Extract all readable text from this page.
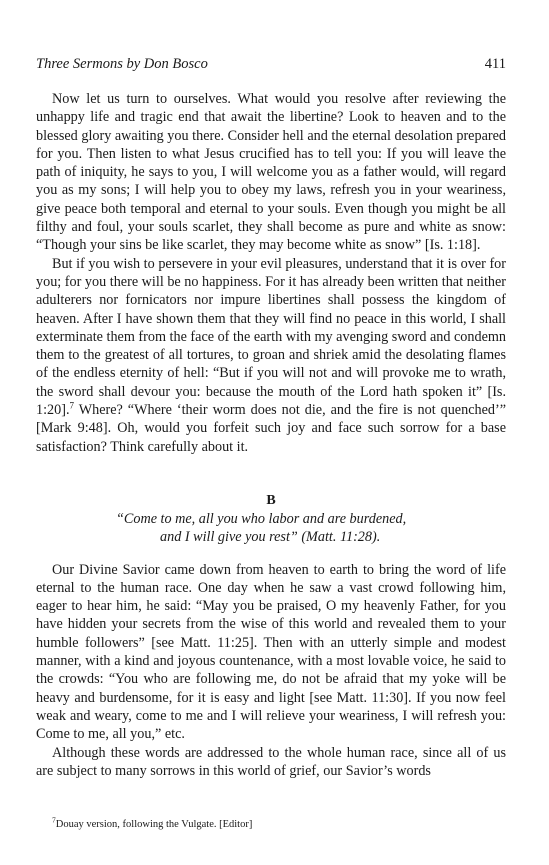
Three Sermons by Don Bosco	411

Now let us turn to ourselves. What would you resolve after reviewing the unhappy life and tragic end that await the libertine? Look to heaven and to the blessed glory awaiting you there. Consider hell and the eternal desolation prepared for you. Then listen to what Jesus crucified has to tell you: If you will leave the path of iniquity, he says to you, I will welcome you as a father would, will regard you as my sons; I will help you to obey my laws, refresh you in your weariness, give peace both temporal and eternal to your souls. Even though you might be all filthy and foul, your souls scarlet, they shall become as pure and white as snow: “Though your sins be like scarlet, they may become white as snow” [Is. 1:18].

But if you wish to persevere in your evil pleasures, understand that it is over for you; for you there will be no happiness. For it has already been written that neither adulterers nor fornicators nor impure libertines shall possess the kingdom of heaven. After I have shown them that they will find no peace in this world, I shall exterminate them from the face of the earth with my avenging sword and condemn them to the greatest of all tortures, to groan and shriek amid the desolating flames of the endless eternity of hell: “But if you will not and will provoke me to wrath, the sword shall devour you: because the mouth of the Lord hath spoken it” [Is. 1:20].$^7$ Where? “Where ‘their worm does not die, and the fire is not quenched’” [Mark 9:48]. Oh, would you forfeit such joy and face such sorrow for a base satisfaction? Think carefully about it.

B
“Come to me, all you who labor and are burdened,
and I will give you rest” (Matt. 11:28).

Our Divine Savior came down from heaven to earth to bring the word of life eternal to the human race. One day when he saw a vast crowd following him, eager to hear him, he said: “May you be praised, O my heavenly Father, for you have hidden your secrets from the wise of this world and revealed them to your humble followers” [see Matt. 11:25]. Then with an utterly simple and modest manner, with a kind and joyous countenance, with a most lovable voice, he said to the crowds: “You who are following me, do not be afraid that my yoke will be heavy and burdensome, for it is easy and light [see Matt. 11:30]. If you now feel weak and weary, come to me and I will relieve your weariness, I will refresh you: Come to me, all you,” etc.

Although these words are addressed to the whole human race, since all of us are subject to many sorrows in this world of grief, our Savior’s words

$^7$Douay version, following the Vulgate. [Editor]
